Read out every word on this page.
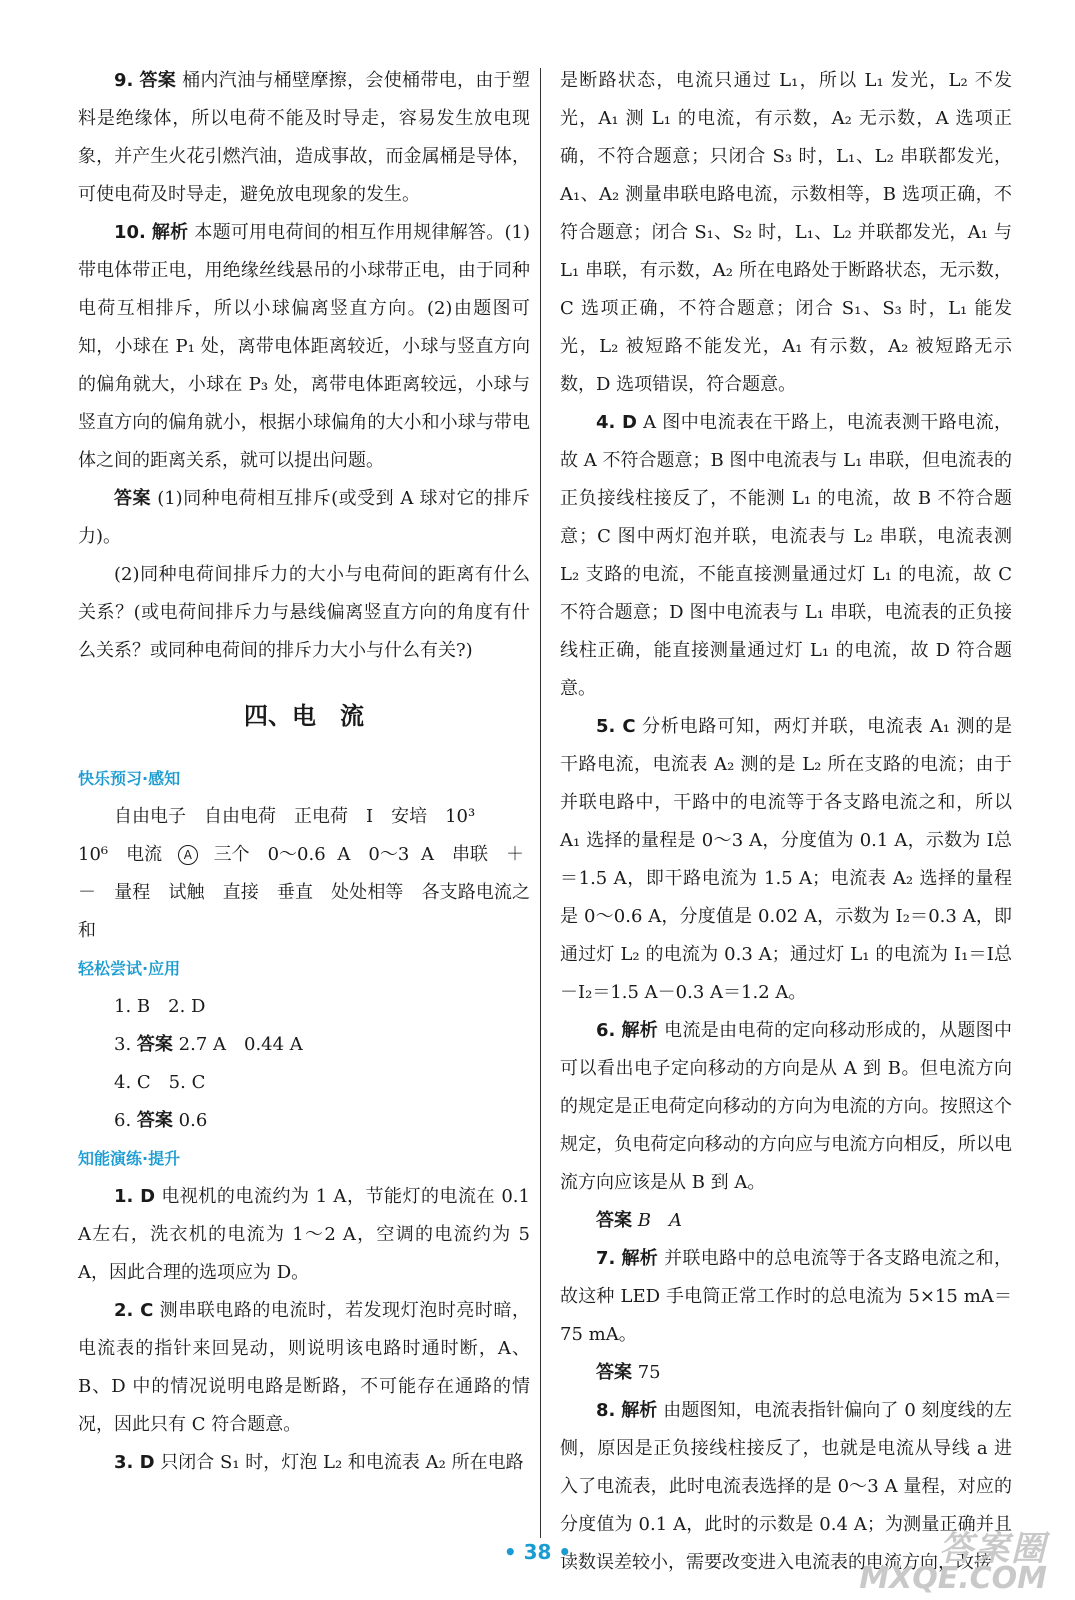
9. 答案 桶内汽油与桶壁摩擦，会使桶带电，由于塑料是绝缘体，所以电荷不能及时导走，容易发生放电现象，并产生火花引燃汽油，造成事故，而金属桶是导体，可使电荷及时导走，避免放电现象的发生。

10. 解析 本题可用电荷间的相互作用规律解答。(1)带电体带正电，用绝缘丝线悬吊的小球带正电，由于同种电荷互相排斥，所以小球偏离竖直方向。(2)由题图可知，小球在 P₁ 处，离带电体距离较近，小球与竖直方向的偏角就大，小球在 P₃ 处，离带电体距离较远，小球与竖直方向的偏角就小，根据小球偏角的大小和小球与带电体之间的距离关系，就可以提出问题。

答案 (1)同种电荷相互排斥(或受到 A 球对它的排斥力)。

(2)同种电荷间排斥力的大小与电荷间的距离有什么关系？(或电荷间排斥力与悬线偏离竖直方向的角度有什么关系？或同种电荷间的排斥力大小与什么有关?)

四、电　流
快乐预习·感知

自由电子　自由电荷　正电荷　I　安培　10³

10⁶　电流 A 三个　0～0.6 A　0～3 A　串联　＋

－　量程　试触　直接　垂直　处处相等　各支路电流之和

轻松尝试·应用

1. B　2. D

3. 答案 2.7 A　0.44 A

4. C　5. C

6. 答案 0.6

知能演练·提升

1. D 电视机的电流约为 1 A，节能灯的电流在 0.1 A左右，洗衣机的电流为 1～2 A，空调的电流约为 5 A，因此合理的选项应为 D。

2. C 测串联电路的电流时，若发现灯泡时亮时暗，电流表的指针来回晃动，则说明该电路时通时断，A、B、D 中的情况说明电路是断路，不可能存在通路的情况，因此只有 C 符合题意。

3. D 只闭合 S₁ 时，灯泡 L₂ 和电流表 A₂ 所在电路

是断路状态，电流只通过 L₁，所以 L₁ 发光，L₂ 不发光，A₁ 测 L₁ 的电流，有示数，A₂ 无示数，A 选项正确，不符合题意；只闭合 S₃ 时，L₁、L₂ 串联都发光，A₁、A₂ 测量串联电路电流，示数相等，B 选项正确，不符合题意；闭合 S₁、S₂ 时，L₁、L₂ 并联都发光，A₁ 与 L₁ 串联，有示数，A₂ 所在电路处于断路状态，无示数，C 选项正确，不符合题意；闭合 S₁、S₃ 时，L₁ 能发光，L₂ 被短路不能发光，A₁ 有示数，A₂ 被短路无示数，D 选项错误，符合题意。

4. D A 图中电流表在干路上，电流表测干路电流，故 A 不符合题意；B 图中电流表与 L₁ 串联，但电流表的正负接线柱接反了，不能测 L₁ 的电流，故 B 不符合题意；C 图中两灯泡并联，电流表与 L₂ 串联，电流表测 L₂ 支路的电流，不能直接测量通过灯 L₁ 的电流，故 C 不符合题意；D 图中电流表与 L₁ 串联，电流表的正负接线柱正确，能直接测量通过灯 L₁ 的电流，故 D 符合题意。

5. C 分析电路可知，两灯并联，电流表 A₁ 测的是干路电流，电流表 A₂ 测的是 L₂ 所在支路的电流；由于并联电路中，干路中的电流等于各支路电流之和，所以 A₁ 选择的量程是 0～3 A，分度值为 0.1 A，示数为 I总＝1.5 A，即干路电流为 1.5 A；电流表 A₂ 选择的量程是 0～0.6 A，分度值是 0.02 A，示数为 I₂＝0.3 A，即通过灯 L₂ 的电流为 0.3 A；通过灯 L₁ 的电流为 I₁＝I总－I₂＝1.5 A－0.3 A＝1.2 A。

6. 解析 电流是由电荷的定向移动形成的，从题图中可以看出电子定向移动的方向是从 A 到 B。但电流方向的规定是正电荷定向移动的方向为电流的方向。按照这个规定，负电荷定向移动的方向应与电流方向相反，所以电流方向应该是从 B 到 A。

答案 B　A

7. 解析 并联电路中的总电流等于各支路电流之和，故这种 LED 手电筒正常工作时的总电流为 5×15 mA＝75 mA。

答案 75

8. 解析 由题图知，电流表指针偏向了 0 刻度线的左侧，原因是正负接线柱接反了，也就是电流从导线 a 进入了电流表，此时电流表选择的是 0～3 A 量程，对应的分度值为 0.1 A，此时的示数是 0.4 A；为测量正确并且读数误差较小，需要改变进入电流表的电流方向，改接

• 38 •	答案圈
MXQE.COM
